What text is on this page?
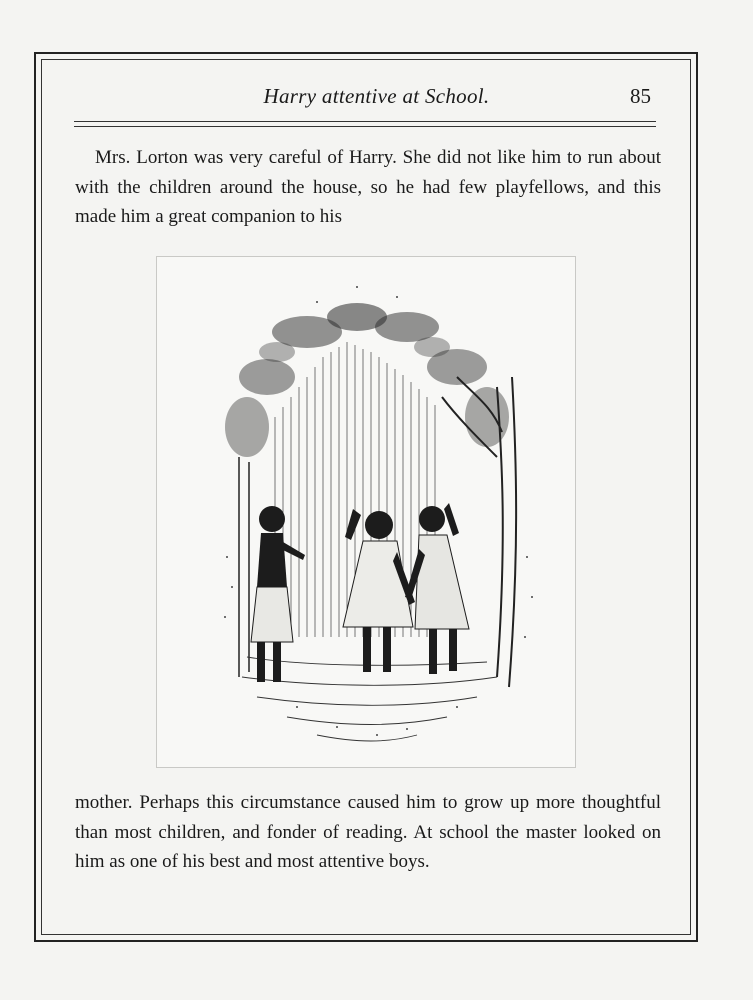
Harry attentive at School.	85

Mrs. Lorton was very careful of Harry. She did not like him to run about with the children around the house, so he had few playfellows, and this made him a great companion to his

mother. Perhaps this circumstance caused him to grow up more thoughtful than most children, and fonder of reading. At school the master looked on him as one of his best and most attentive boys.
